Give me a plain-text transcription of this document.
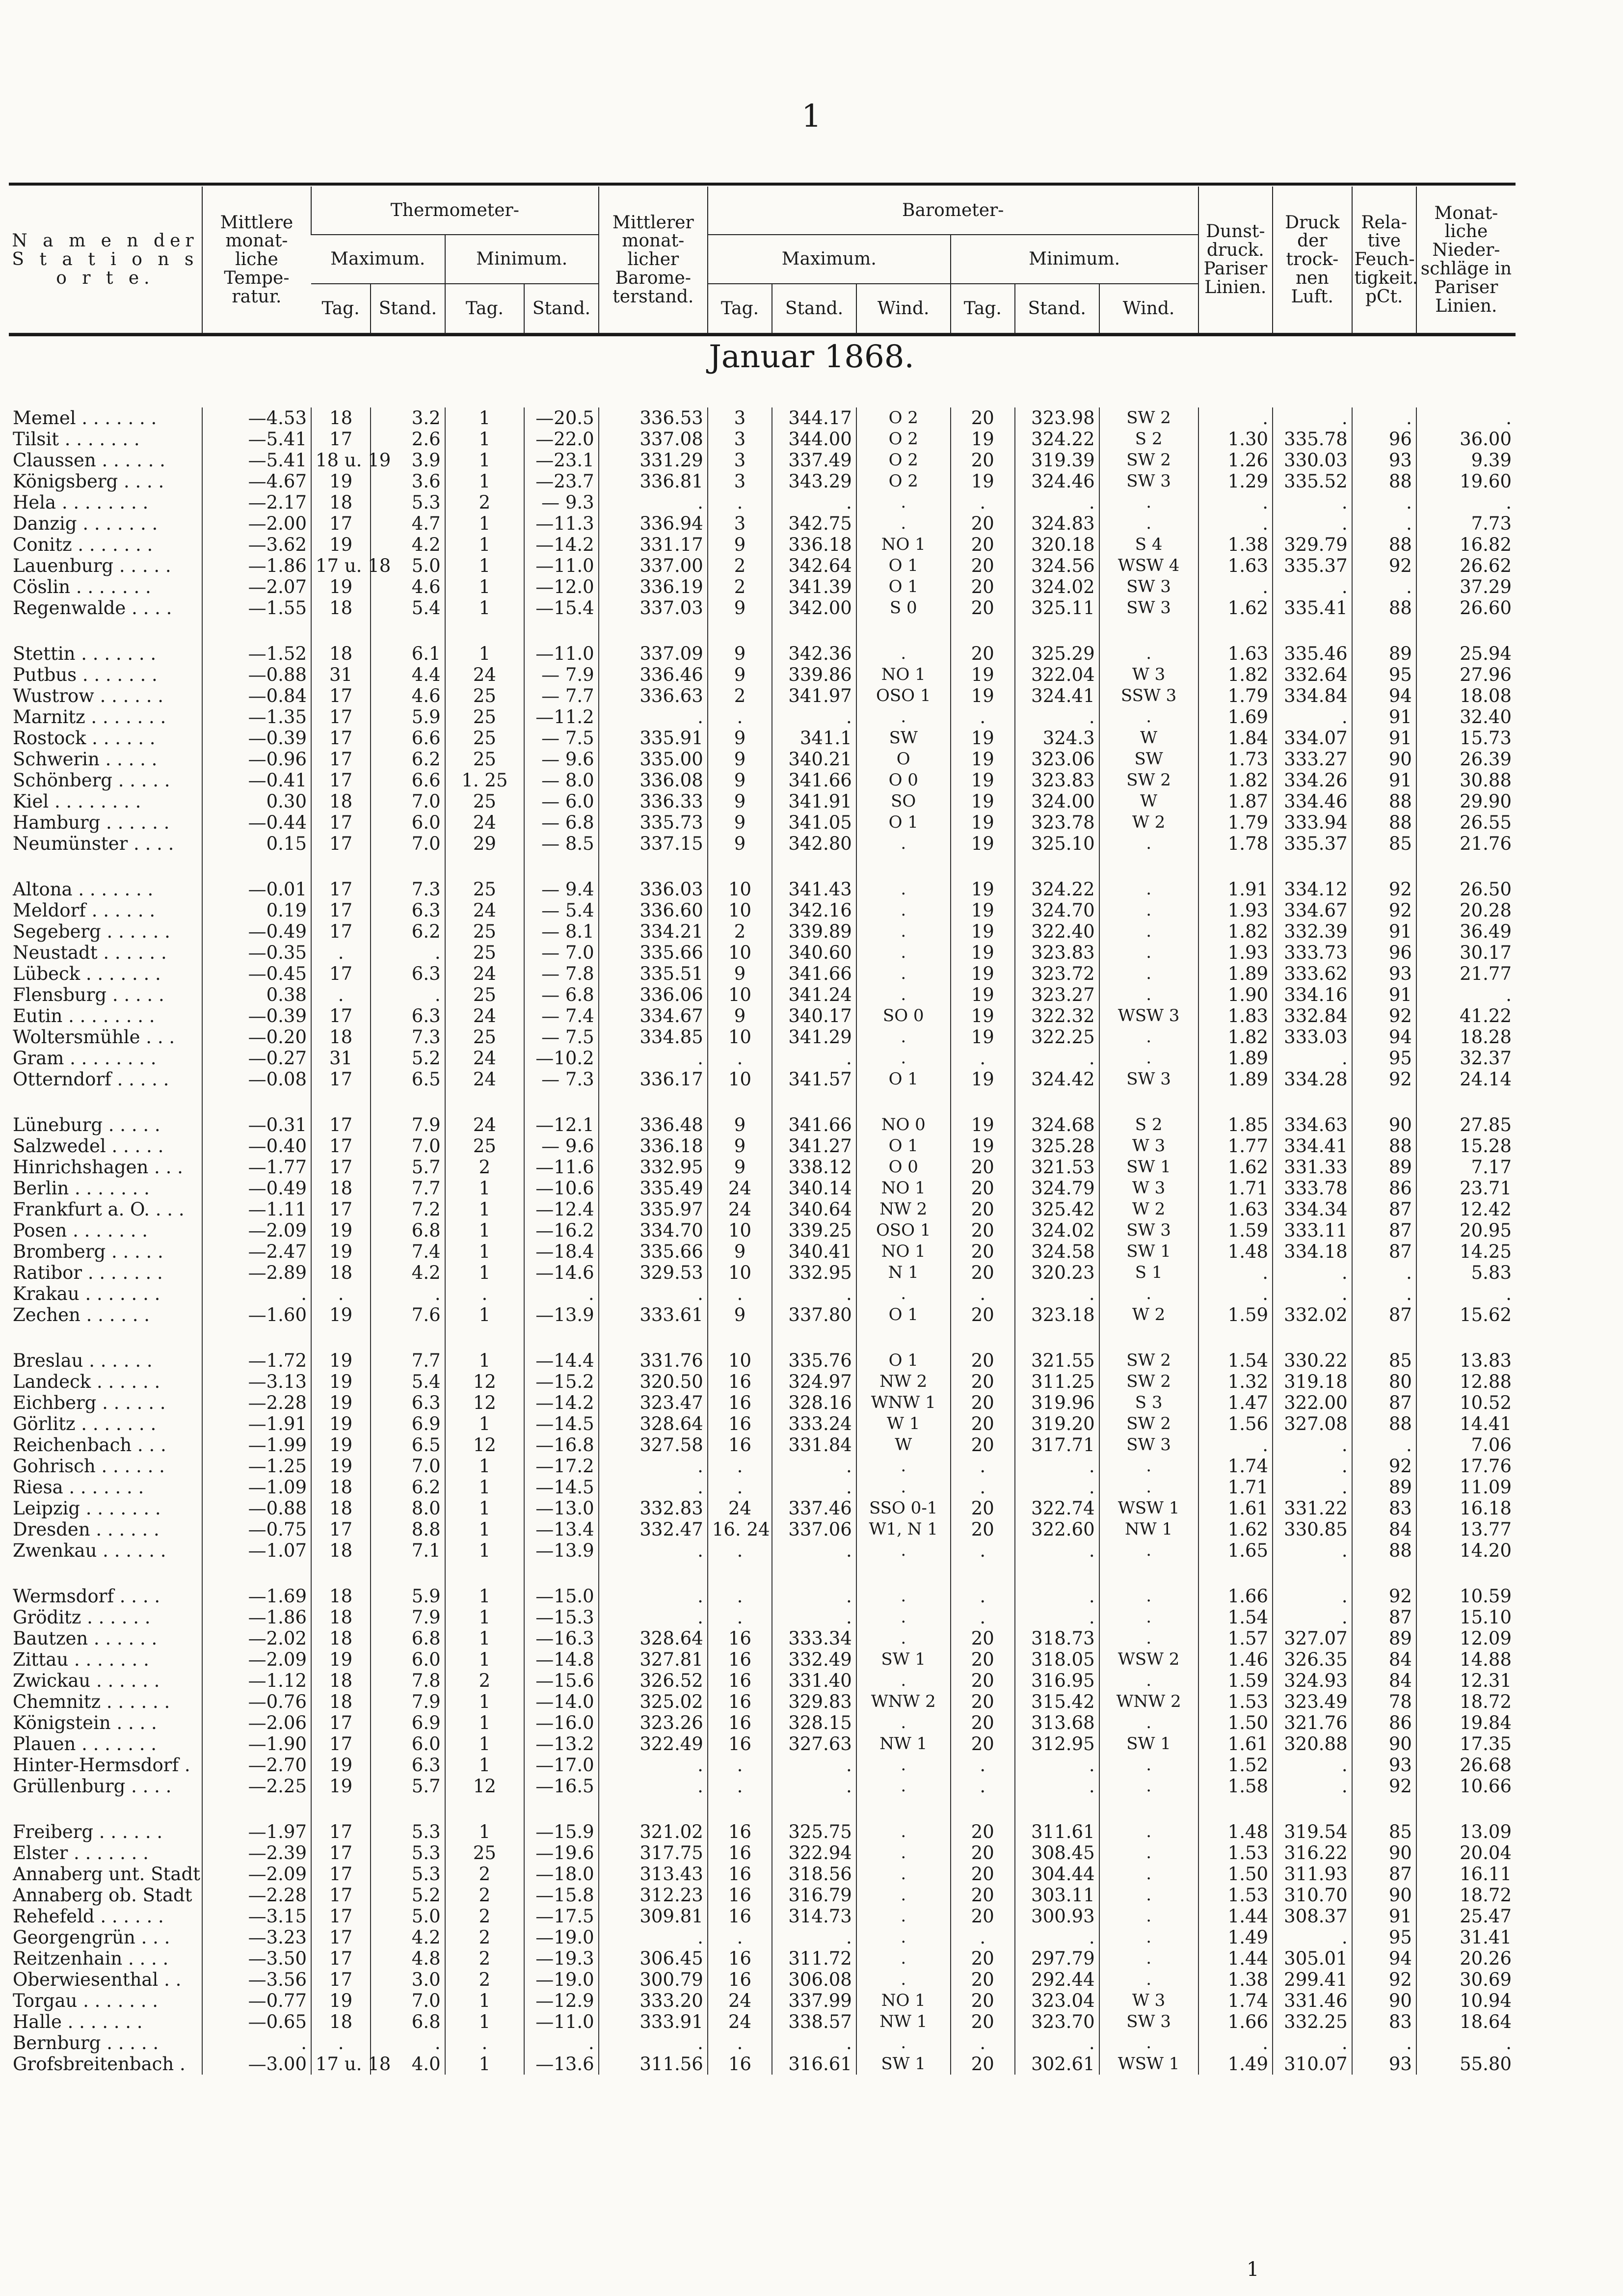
1
N a m e n der S t a t i o n s o r t e.	Mittlere monat- liche Tempe- ratur.	Thermometer-				Mittlerer monat- licher Barome- terstand.	Barometer-						Dunst- druck. Pariser Linien.	Druck der trock- nen Luft.	Rela- tive Feuch- tigkeit. pCt.	Monat- liche Nieder- schläge in Pariser Linien.
		Maximum.		Minimum.			Maximum.			Minimum.						
		Tag.	Stand.	Tag.	Stand.		Tag.	Stand.	Wind.	Tag.	Stand.	Wind.				
Januar 1868.
Memel . . . . . . .	—4.53	18	3.2	1	—20.5	336.53	3	344.17	O 2	20	323.98	SW 2	.	.	.	.
Tilsit . . . . . . .	—5.41	17	2.6	1	—22.0	337.08	3	344.00	O 2	19	324.22	S 2	1.30	335.78	96	36.00
Claussen . . . . . .	—5.41	18 u. 19	3.9	1	—23.1	331.29	3	337.49	O 2	20	319.39	SW 2	1.26	330.03	93	9.39
Königsberg . . . .	—4.67	19	3.6	1	—23.7	336.81	3	343.29	O 2	19	324.46	SW 3	1.29	335.52	88	19.60
Hela . . . . . . . .	—2.17	18	5.3	2	— 9.3	.	.	.	.	.	.	.	.	.	.	.
Danzig . . . . . . .	—2.00	17	4.7	1	—11.3	336.94	3	342.75	.	20	324.83	.	.	.	.	7.73
Conitz . . . . . . .	—3.62	19	4.2	1	—14.2	331.17	9	336.18	NO 1	20	320.18	S 4	1.38	329.79	88	16.82
Lauenburg . . . . .	—1.86	17 u. 18	5.0	1	—11.0	337.00	2	342.64	O 1	20	324.56	WSW 4	1.63	335.37	92	26.62
Cöslin . . . . . . .	—2.07	19	4.6	1	—12.0	336.19	2	341.39	O 1	20	324.02	SW 3	.	.	.	37.29
Regenwalde . . . .	—1.55	18	5.4	1	—15.4	337.03	9	342.00	S 0	20	325.11	SW 3	1.62	335.41	88	26.60

Stettin . . . . . . .	—1.52	18	6.1	1	—11.0	337.09	9	342.36	.	20	325.29	.	1.63	335.46	89	25.94
Putbus . . . . . . .	—0.88	31	4.4	24	— 7.9	336.46	9	339.86	NO 1	19	322.04	W 3	1.82	332.64	95	27.96
Wustrow . . . . . .	—0.84	17	4.6	25	— 7.7	336.63	2	341.97	OSO 1	19	324.41	SSW 3	1.79	334.84	94	18.08
Marnitz . . . . . . .	—1.35	17	5.9	25	—11.2	.	.	.	.	.	.	.	1.69	.	91	32.40
Rostock . . . . . .	—0.39	17	6.6	25	— 7.5	335.91	9	341.1	SW	19	324.3	W	1.84	334.07	91	15.73
Schwerin . . . . .	—0.96	17	6.2	25	— 9.6	335.00	9	340.21	O	19	323.06	SW	1.73	333.27	90	26.39
Schönberg . . . . .	—0.41	17	6.6	1. 25	— 8.0	336.08	9	341.66	O 0	19	323.83	SW 2	1.82	334.26	91	30.88
Kiel . . . . . . . .	0.30	18	7.0	25	— 6.0	336.33	9	341.91	SO	19	324.00	W	1.87	334.46	88	29.90
Hamburg . . . . . .	—0.44	17	6.0	24	— 6.8	335.73	9	341.05	O 1	19	323.78	W 2	1.79	333.94	88	26.55
Neumünster . . . .	0.15	17	7.0	29	— 8.5	337.15	9	342.80	.	19	325.10	.	1.78	335.37	85	21.76

Altona . . . . . . .	—0.01	17	7.3	25	— 9.4	336.03	10	341.43	.	19	324.22	.	1.91	334.12	92	26.50
Meldorf . . . . . .	0.19	17	6.3	24	— 5.4	336.60	10	342.16	.	19	324.70	.	1.93	334.67	92	20.28
Segeberg . . . . . .	—0.49	17	6.2	25	— 8.1	334.21	2	339.89	.	19	322.40	.	1.82	332.39	91	36.49
Neustadt . . . . . .	—0.35	.	.	25	— 7.0	335.66	10	340.60	.	19	323.83	.	1.93	333.73	96	30.17
Lübeck . . . . . . .	—0.45	17	6.3	24	— 7.8	335.51	9	341.66	.	19	323.72	.	1.89	333.62	93	21.77
Flensburg . . . . .	0.38	.	.	25	— 6.8	336.06	10	341.24	.	19	323.27	.	1.90	334.16	91	.
Eutin . . . . . . . .	—0.39	17	6.3	24	— 7.4	334.67	9	340.17	SO 0	19	322.32	WSW 3	1.83	332.84	92	41.22
Woltersmühle . . .	—0.20	18	7.3	25	— 7.5	334.85	10	341.29	.	19	322.25	.	1.82	333.03	94	18.28
Gram . . . . . . . .	—0.27	31	5.2	24	—10.2	.	.	.	.	.	.	.	1.89	.	95	32.37
Otterndorf . . . . .	—0.08	17	6.5	24	— 7.3	336.17	10	341.57	O 1	19	324.42	SW 3	1.89	334.28	92	24.14

Lüneburg . . . . .	—0.31	17	7.9	24	—12.1	336.48	9	341.66	NO 0	19	324.68	S 2	1.85	334.63	90	27.85
Salzwedel . . . . .	—0.40	17	7.0	25	— 9.6	336.18	9	341.27	O 1	19	325.28	W 3	1.77	334.41	88	15.28
Hinrichshagen . . .	—1.77	17	5.7	2	—11.6	332.95	9	338.12	O 0	20	321.53	SW 1	1.62	331.33	89	7.17
Berlin . . . . . . .	—0.49	18	7.7	1	—10.6	335.49	24	340.14	NO 1	20	324.79	W 3	1.71	333.78	86	23.71
Frankfurt a. O. . . .	—1.11	17	7.2	1	—12.4	335.97	24	340.64	NW 2	20	325.42	W 2	1.63	334.34	87	12.42
Posen . . . . . . .	—2.09	19	6.8	1	—16.2	334.70	10	339.25	OSO 1	20	324.02	SW 3	1.59	333.11	87	20.95
Bromberg . . . . .	—2.47	19	7.4	1	—18.4	335.66	9	340.41	NO 1	20	324.58	SW 1	1.48	334.18	87	14.25
Ratibor . . . . . . .	—2.89	18	4.2	1	—14.6	329.53	10	332.95	N 1	20	320.23	S 1	.	.	.	5.83
Krakau . . . . . . .	.	.	.	.	.	.	.	.	.	.	.	.	.	.	.	.
Zechen . . . . . .	—1.60	19	7.6	1	—13.9	333.61	9	337.80	O 1	20	323.18	W 2	1.59	332.02	87	15.62

Breslau . . . . . .	—1.72	19	7.7	1	—14.4	331.76	10	335.76	O 1	20	321.55	SW 2	1.54	330.22	85	13.83
Landeck . . . . . .	—3.13	19	5.4	12	—15.2	320.50	16	324.97	NW 2	20	311.25	SW 2	1.32	319.18	80	12.88
Eichberg . . . . . .	—2.28	19	6.3	12	—14.2	323.47	16	328.16	WNW 1	20	319.96	S 3	1.47	322.00	87	10.52
Görlitz . . . . . . .	—1.91	19	6.9	1	—14.5	328.64	16	333.24	W 1	20	319.20	SW 2	1.56	327.08	88	14.41
Reichenbach . . .	—1.99	19	6.5	12	—16.8	327.58	16	331.84	W	20	317.71	SW 3	.	.	.	7.06
Gohrisch . . . . . .	—1.25	19	7.0	1	—17.2	.	.	.	.	.	.	.	1.74	.	92	17.76
Riesa . . . . . . .	—1.09	18	6.2	1	—14.5	.	.	.	.	.	.	.	1.71	.	89	11.09
Leipzig . . . . . . .	—0.88	18	8.0	1	—13.0	332.83	24	337.46	SSO 0-1	20	322.74	WSW 1	1.61	331.22	83	16.18
Dresden . . . . . .	—0.75	17	8.8	1	—13.4	332.47	16. 24	337.06	W1, N 1	20	322.60	NW 1	1.62	330.85	84	13.77
Zwenkau . . . . . .	—1.07	18	7.1	1	—13.9	.	.	.	.	.	.	.	1.65	.	88	14.20

Wermsdorf . . . .	—1.69	18	5.9	1	—15.0	.	.	.	.	.	.	.	1.66	.	92	10.59
Gröditz . . . . . .	—1.86	18	7.9	1	—15.3	.	.	.	.	.	.	.	1.54	.	87	15.10
Bautzen . . . . . .	—2.02	18	6.8	1	—16.3	328.64	16	333.34	.	20	318.73	.	1.57	327.07	89	12.09
Zittau . . . . . . .	—2.09	19	6.0	1	—14.8	327.81	16	332.49	SW 1	20	318.05	WSW 2	1.46	326.35	84	14.88
Zwickau . . . . . .	—1.12	18	7.8	2	—15.6	326.52	16	331.40	.	20	316.95	.	1.59	324.93	84	12.31
Chemnitz . . . . . .	—0.76	18	7.9	1	—14.0	325.02	16	329.83	WNW 2	20	315.42	WNW 2	1.53	323.49	78	18.72
Königstein . . . .	—2.06	17	6.9	1	—16.0	323.26	16	328.15	.	20	313.68	.	1.50	321.76	86	19.84
Plauen . . . . . . .	—1.90	17	6.0	1	—13.2	322.49	16	327.63	NW 1	20	312.95	SW 1	1.61	320.88	90	17.35
Hinter-Hermsdorf .	—2.70	19	6.3	1	—17.0	.	.	.	.	.	.	.	1.52	.	93	26.68
Grüllenburg . . . .	—2.25	19	5.7	12	—16.5	.	.	.	.	.	.	.	1.58	.	92	10.66

Freiberg . . . . . .	—1.97	17	5.3	1	—15.9	321.02	16	325.75	.	20	311.61	.	1.48	319.54	85	13.09
Elster . . . . . . .	—2.39	17	5.3	25	—19.6	317.75	16	322.94	.	20	308.45	.	1.53	316.22	90	20.04
Annaberg unt. Stadt	—2.09	17	5.3	2	—18.0	313.43	16	318.56	.	20	304.44	.	1.50	311.93	87	16.11
Annaberg ob. Stadt	—2.28	17	5.2	2	—15.8	312.23	16	316.79	.	20	303.11	.	1.53	310.70	90	18.72
Rehefeld . . . . . .	—3.15	17	5.0	2	—17.5	309.81	16	314.73	.	20	300.93	.	1.44	308.37	91	25.47
Georgengrün . . .	—3.23	17	4.2	2	—19.0	.	.	.	.	.	.	.	1.49	.	95	31.41
Reitzenhain . . . .	—3.50	17	4.8	2	—19.3	306.45	16	311.72	.	20	297.79	.	1.44	305.01	94	20.26
Oberwiesenthal . .	—3.56	17	3.0	2	—19.0	300.79	16	306.08	.	20	292.44	.	1.38	299.41	92	30.69
Torgau . . . . . . .	—0.77	19	7.0	1	—12.9	333.20	24	337.99	NO 1	20	323.04	W 3	1.74	331.46	90	10.94
Halle . . . . . . .	—0.65	18	6.8	1	—11.0	333.91	24	338.57	NW 1	20	323.70	SW 3	1.66	332.25	83	18.64
Bernburg . . . . .	.	.	.	.	.	.	.	.	.	.	.	.	.	.	.	.
Grofsbreitenbach .	—3.00	17 u. 18	4.0	1	—13.6	311.56	16	316.61	SW 1	20	302.61	WSW 1	1.49	310.07	93	55.80
1
